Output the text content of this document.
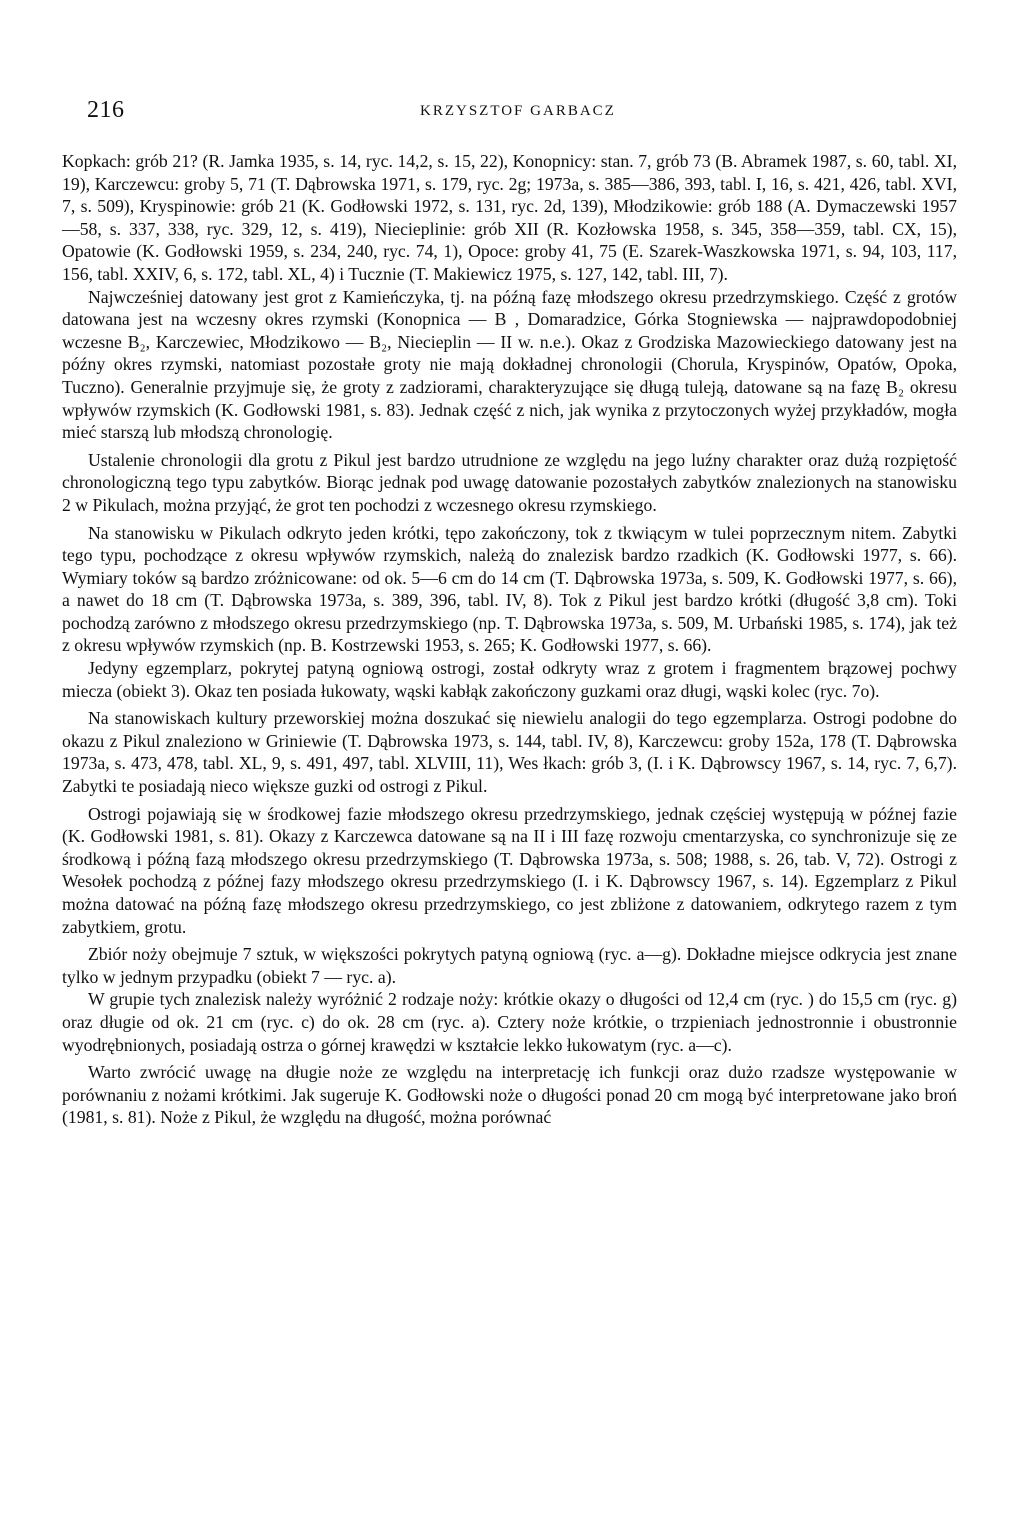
216	KRZYSZTOF GARBACZ

Kopkach: grób 21? (R. Jamka 1935, s. 14, ryc. 14,2, s. 15, 22), Konopnicy: stan. 7, grób 73 (B. Abramek 1987, s. 60, tabl. XI, 19), Karczewcu: groby 5, 71 (T. Dąbrowska 1971, s. 179, ryc. 2g; 1973a, s. 385—386, 393, tabl. I, 16, s. 421, 426, tabl. XVI, 7, s. 509), Kryspinowie: grób 21 (K. Godłowski 1972, s. 131, ryc. 2d, 139), Młodzikowie: grób 188 (A. Dymaczewski 1957—58, s. 337, 338, ryc. 329, 12, s. 419), Niecieplinie: grób XII (R. Kozłowska 1958, s. 345, 358—359, tabl. CX, 15), Opatowie (K. Godłowski 1959, s. 234, 240, ryc. 74, 1), Opoce: groby 41, 75 (E. Szarek-Waszkowska 1971, s. 94, 103, 117, 156, tabl. XXIV, 6, s. 172, tabl. XL, 4) i Tucznie (T. Makiewicz 1975, s. 127, 142, tabl. III, 7).

Najwcześniej datowany jest grot z Kamieńczyka, tj. na późną fazę młodszego okresu przedrzymskiego. Część z grotów datowana jest na wczesny okres rzymski (Konopnica — B , Domaradzice, Górka Stogniewska — najprawdopodobniej wczesne B₂, Karczewiec, Młodzikowo — B₂, Niecieplin — II w. n.e.). Okaz z Grodziska Mazowieckiego datowany jest na późny okres rzymski, natomiast pozostałe groty nie mają dokładnej chronologii (Chorula, Kryspinów, Opatów, Opoka, Tuczno). Generalnie przyjmuje się, że groty z zadziorami, charakteryzujące się długą tuleją, datowane są na fazę B₂ okresu wpływów rzymskich (K. Godłowski 1981, s. 83). Jednak część z nich, jak wynika z przytoczonych wyżej przykładów, mogła mieć starszą lub młodszą chronologię.

Ustalenie chronologii dla grotu z Pikul jest bardzo utrudnione ze względu na jego luźny charakter oraz dużą rozpiętość chronologiczną tego typu zabytków. Biorąc jednak pod uwagę datowanie pozostałych zabytków znalezionych na stanowisku 2 w Pikulach, można przyjąć, że grot ten pochodzi z wczesnego okresu rzymskiego.

Na stanowisku w Pikulach odkryto jeden krótki, tępo zakończony, tok z tkwiącym w tulei poprzecznym nitem. Zabytki tego typu, pochodzące z okresu wpływów rzymskich, należą do znalezisk bardzo rzadkich (K. Godłowski 1977, s. 66). Wymiary toków są bardzo zróżnicowane: od ok. 5—6 cm do 14 cm (T. Dąbrowska 1973a, s. 509, K. Godłowski 1977, s. 66), a nawet do 18 cm (T. Dąbrowska 1973a, s. 389, 396, tabl. IV, 8). Tok z Pikul jest bardzo krótki (długość 3,8 cm). Toki pochodzą zarówno z młodszego okresu przedrzymskiego (np. T. Dąbrowska 1973a, s. 509, M. Urbański 1985, s. 174), jak też z okresu wpływów rzymskich (np. B. Kostrzewski 1953, s. 265; K. Godłowski 1977, s. 66).

Jedyny egzemplarz, pokrytej patyną ogniową ostrogi, został odkryty wraz z grotem i fragmentem brązowej pochwy miecza (obiekt 3). Okaz ten posiada łukowaty, wąski kabłąk zakończony guzkami oraz długi, wąski kolec (ryc. 7o).

Na stanowiskach kultury przeworskiej można doszukać się niewielu analogii do tego egzemplarza. Ostrogi podobne do okazu z Pikul znaleziono w Griniewie (T. Dąbrowska 1973, s. 144, tabl. IV, 8), Karczewcu: groby 152a, 178 (T. Dąbrowska 1973a, s. 473, 478, tabl. XL, 9, s. 491, 497, tabl. XLVIII, 11), Wes łkach: grób 3, (I. i K. Dąbrowscy 1967, s. 14, ryc. 7, 6,7). Zabytki te posiadają nieco większe guzki od ostrogi z Pikul.

Ostrogi pojawiają się w środkowej fazie młodszego okresu przedrzymskiego, jednak częściej występują w późnej fazie (K. Godłowski 1981, s. 81). Okazy z Karczewca datowane są na II i III fazę rozwoju cmentarzyska, co synchronizuje się ze środkową i późną fazą młodszego okresu przedrzymskiego (T. Dąbrowska 1973a, s. 508; 1988, s. 26, tab. V, 72). Ostrogi z Wesołek pochodzą z późnej fazy młodszego okresu przedrzymskiego (I. i K. Dąbrowscy 1967, s. 14). Egzemplarz z Pikul można datować na późną fazę młodszego okresu przedrzymskiego, co jest zbliżone z datowaniem, odkrytego razem z tym zabytkiem, grotu.

Zbiór noży obejmuje 7 sztuk, w większości pokrytych patyną ogniową (ryc. a—g). Dokładne miejsce odkrycia jest znane tylko w jednym przypadku (obiekt 7 — ryc. a).

W grupie tych znalezisk należy wyróżnić 2 rodzaje noży: krótkie okazy o długości od 12,4 cm (ryc. ) do 15,5 cm (ryc. g) oraz długie od ok. 21 cm (ryc. c) do ok. 28 cm (ryc. a). Cztery noże krótkie, o trzpieniach jednostronnie i obustronnie wyodrębnionych, posiadają ostrza o górnej krawędzi w kształcie lekko łukowatym (ryc. a—c).

Warto zwrócić uwagę na długie noże ze względu na interpretację ich funkcji oraz dużo rzadsze występowanie w porównaniu z nożami krótkimi. Jak sugeruje K. Godłowski noże o długości ponad 20 cm mogą być interpretowane jako broń (1981, s. 81). Noże z Pikul, że względu na długość, można porównać
